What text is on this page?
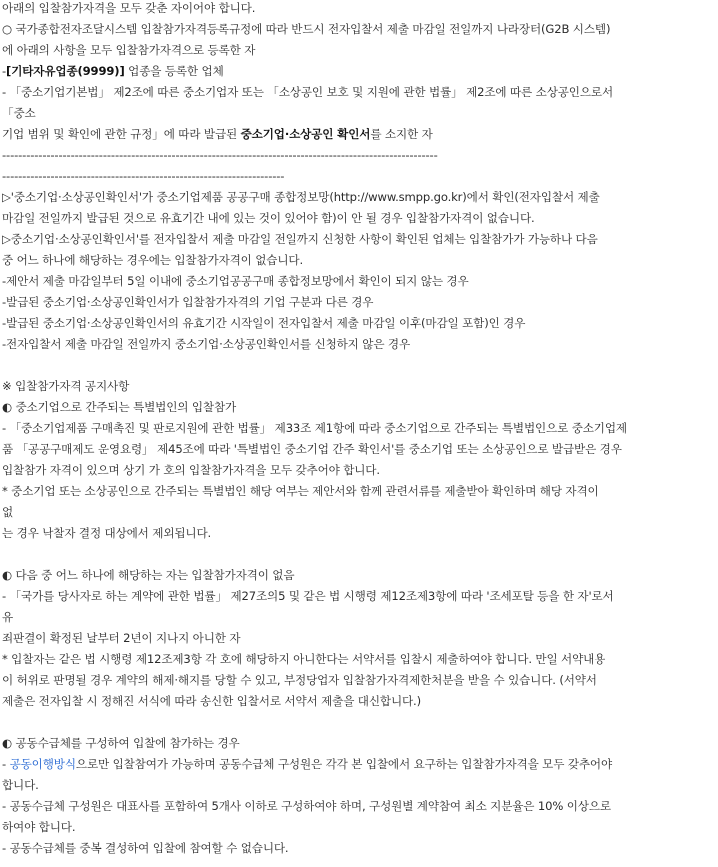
아래의 입찰참가자격을 모두 갖춘 자이어야 합니다.
○ 국가종합전자조달시스템 입찰참가자격등록규정에 따라 반드시 전자입찰서 제출 마감일 전일까지 나라장터(G2B 시스템)
에 아래의 사항을 모두 입찰참가자격으로 등록한 자
-[기타자유업종(9999)] 업종을 등록한 업체
- 「중소기업기본법」 제2조에 따른 중소기업자 또는 「소상공인 보호 및 지원에 관한 법률」 제2조에 따른 소상공인으로서
「중소
기업 범위 및 확인에 관한 규정」에 따라 발급된 중소기업·소상공인 확인서를 소지한 자
------------------------------------------------------------------------------------------------------------
----------------------------------------------------------------------
▷'중소기업·소상공인확인서'가 중소기업제품 공공구매 종합정보망(http://www.smpp.go.kr)에서 확인(전자입찰서 제출
마감일 전일까지 발급된 것으로 유효기간 내에 있는 것이 있어야 함)이 안 될 경우 입찰참가자격이 없습니다.
▷중소기업·소상공인확인서'를 전자입찰서 제출 마감일 전일까지 신청한 사항이 확인된 업체는 입찰참가가 가능하나 다음
중 어느 하나에 해당하는 경우에는 입찰참가자격이 없습니다.
-제안서 제출 마감일부터 5일 이내에 중소기업공공구매 종합정보망에서 확인이 되지 않는 경우
-발급된 중소기업·소상공인확인서가 입찰참가자격의 기업 구분과 다른 경우
-발급된 중소기업·소상공인확인서의 유효기간 시작일이 전자입찰서 제출 마감일 이후(마감일 포함)인 경우
-전자입찰서 제출 마감일 전일까지 중소기업·소상공인확인서를 신청하지 않은 경우
※ 입찰참가자격 공지사항
◐ 중소기업으로 간주되는 특별법인의 입찰참가
- 「중소기업제품 구매촉진 및 판로지원에 관한 법률」 제33조 제1항에 따라 중소기업으로 간주되는 특별법인으로 중소기업제
품 「공공구매제도 운영요령」 제45조에 따라 '특별법인 중소기업 간주 확인서'를 중소기업 또는 소상공인으로 발급받은 경우
입찰참가 자격이 있으며 상기 가 호의 입찰참가자격을 모두 갖추어야 합니다.
* 중소기업 또는 소상공인으로 간주되는 특별법인 해당 여부는 제안서와 함께 관련서류를 제출받아 확인하며 해당 자격이
없
는 경우 낙찰자 결정 대상에서 제외됩니다.
◐ 다음 중 어느 하나에 해당하는 자는 입찰참가자격이 없음
- 「국가를 당사자로 하는 계약에 관한 법률」 제27조의5 및 같은 법 시행령 제12조제3항에 따라 '조세포탈 등을 한 자'로서
유
죄판결이 확정된 날부터 2년이 지나지 아니한 자
* 입찰자는 같은 법 시행령 제12조제3항 각 호에 해당하지 아니한다는 서약서를 입찰시 제출하여야 합니다. 만일 서약내용
이 허위로 판명될 경우 계약의 해제·해지를 당할 수 있고, 부정당업자 입찰참가자격제한처분을 받을 수 있습니다. (서약서
제출은 전자입찰 시 정해진 서식에 따라 송신한 입찰서로 서약서 제출을 대신합니다.)
◐ 공동수급체를 구성하여 입찰에 참가하는 경우
- 공동이행방식으로만 입찰참여가 가능하며 공동수급체 구성원은 각각 본 입찰에서 요구하는 입찰참가자격을 모두 갖추어야
합니다.
- 공동수급체 구성원은 대표사를 포함하여 5개사 이하로 구성하여야 하며, 구성원별 계약참여 최소 지분율은 10% 이상으로
하여야 합니다.
- 공동수급체를 중복 결성하여 입찰에 참여할 수 없습니다.
